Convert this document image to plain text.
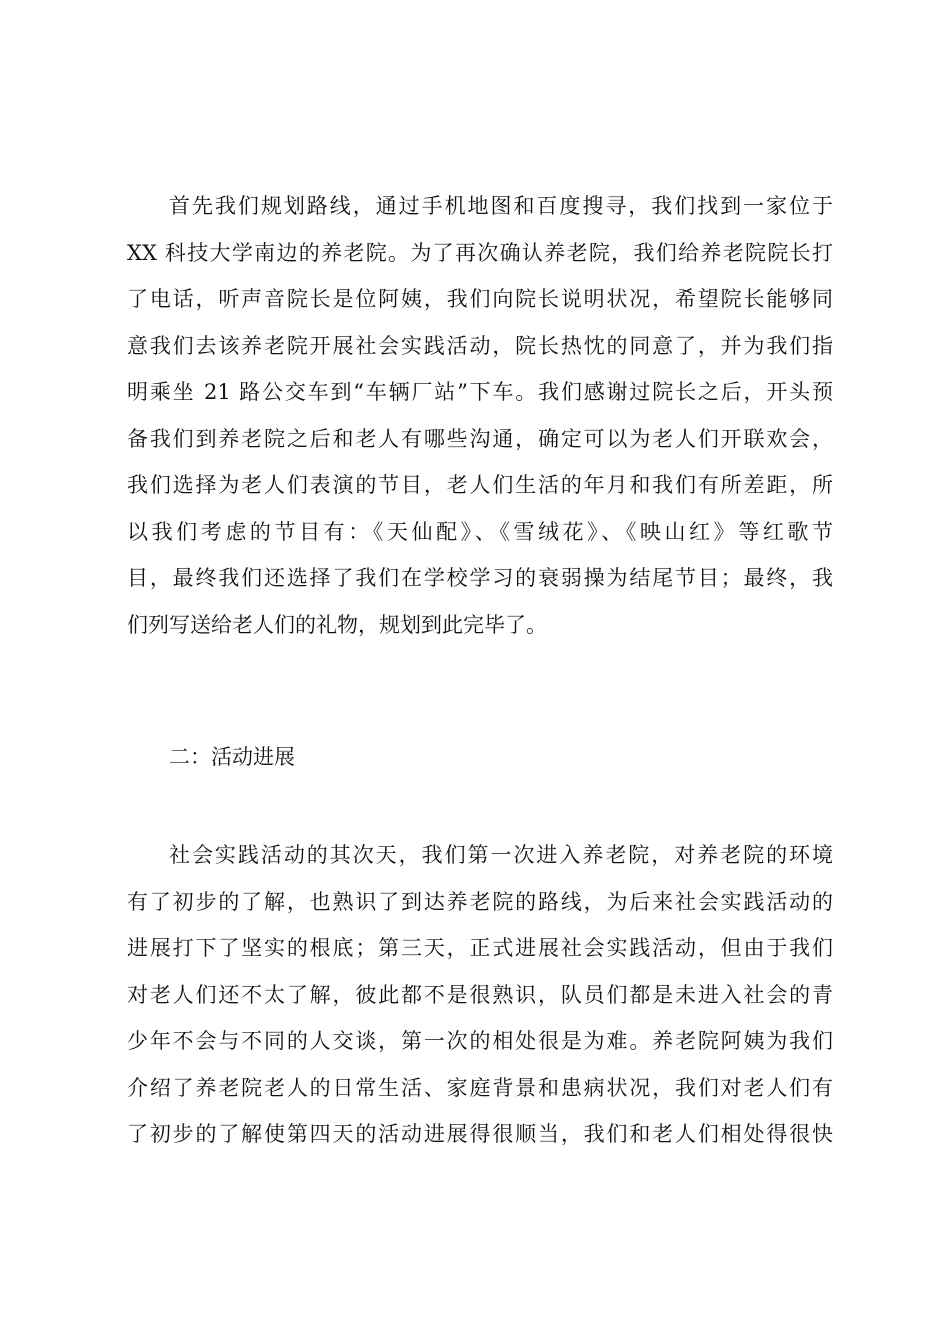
首先我们规划路线，通过手机地图和百度搜寻，我们找到一家位于
XX 科技大学南边的养老院。为了再次确认养老院，我们给养老院院长打
了电话，听声音院长是位阿姨，我们向院长说明状况，希望院长能够同
意我们去该养老院开展社会实践活动，院长热忱的同意了，并为我们指
明乘坐 21 路公交车到“车辆厂站”下车。我们感谢过院长之后，开头预
备我们到养老院之后和老人有哪些沟通，确定可以为老人们开联欢会，
我们选择为老人们表演的节目，老人们生活的年月和我们有所差距，所
以我们考虑的节目有：《天仙配》、《雪绒花》、《映山红》等红歌节
目，最终我们还选择了我们在学校学习的衰弱操为结尾节目；最终，我
们列写送给老人们的礼物，规划到此完毕了。
二：活动进展
社会实践活动的其次天，我们第一次进入养老院，对养老院的环境
有了初步的了解，也熟识了到达养老院的路线，为后来社会实践活动的
进展打下了坚实的根底；第三天，正式进展社会实践活动，但由于我们
对老人们还不太了解，彼此都不是很熟识，队员们都是未进入社会的青
少年不会与不同的人交谈，第一次的相处很是为难。养老院阿姨为我们
介绍了养老院老人的日常生活、家庭背景和患病状况，我们对老人们有
了初步的了解使第四天的活动进展得很顺当，我们和老人们相处得很快
